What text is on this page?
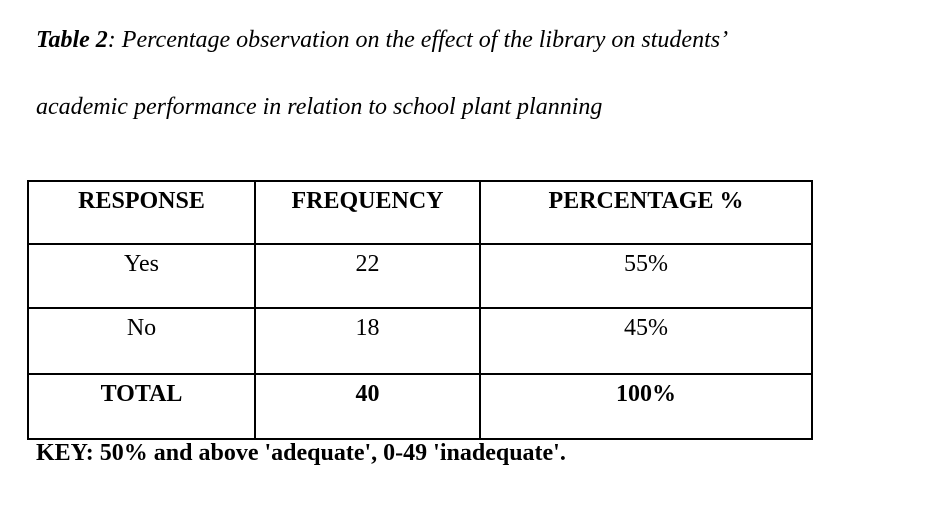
Table 2: Percentage observation on the effect of the library on students’

academic performance in relation to school plant planning

RESPONSE	FREQUENCY	PERCENTAGE %
Yes	22	55%
No	18	45%
TOTAL	40	100%

KEY: 50% and above 'adequate', 0-49 'inadequate'.
